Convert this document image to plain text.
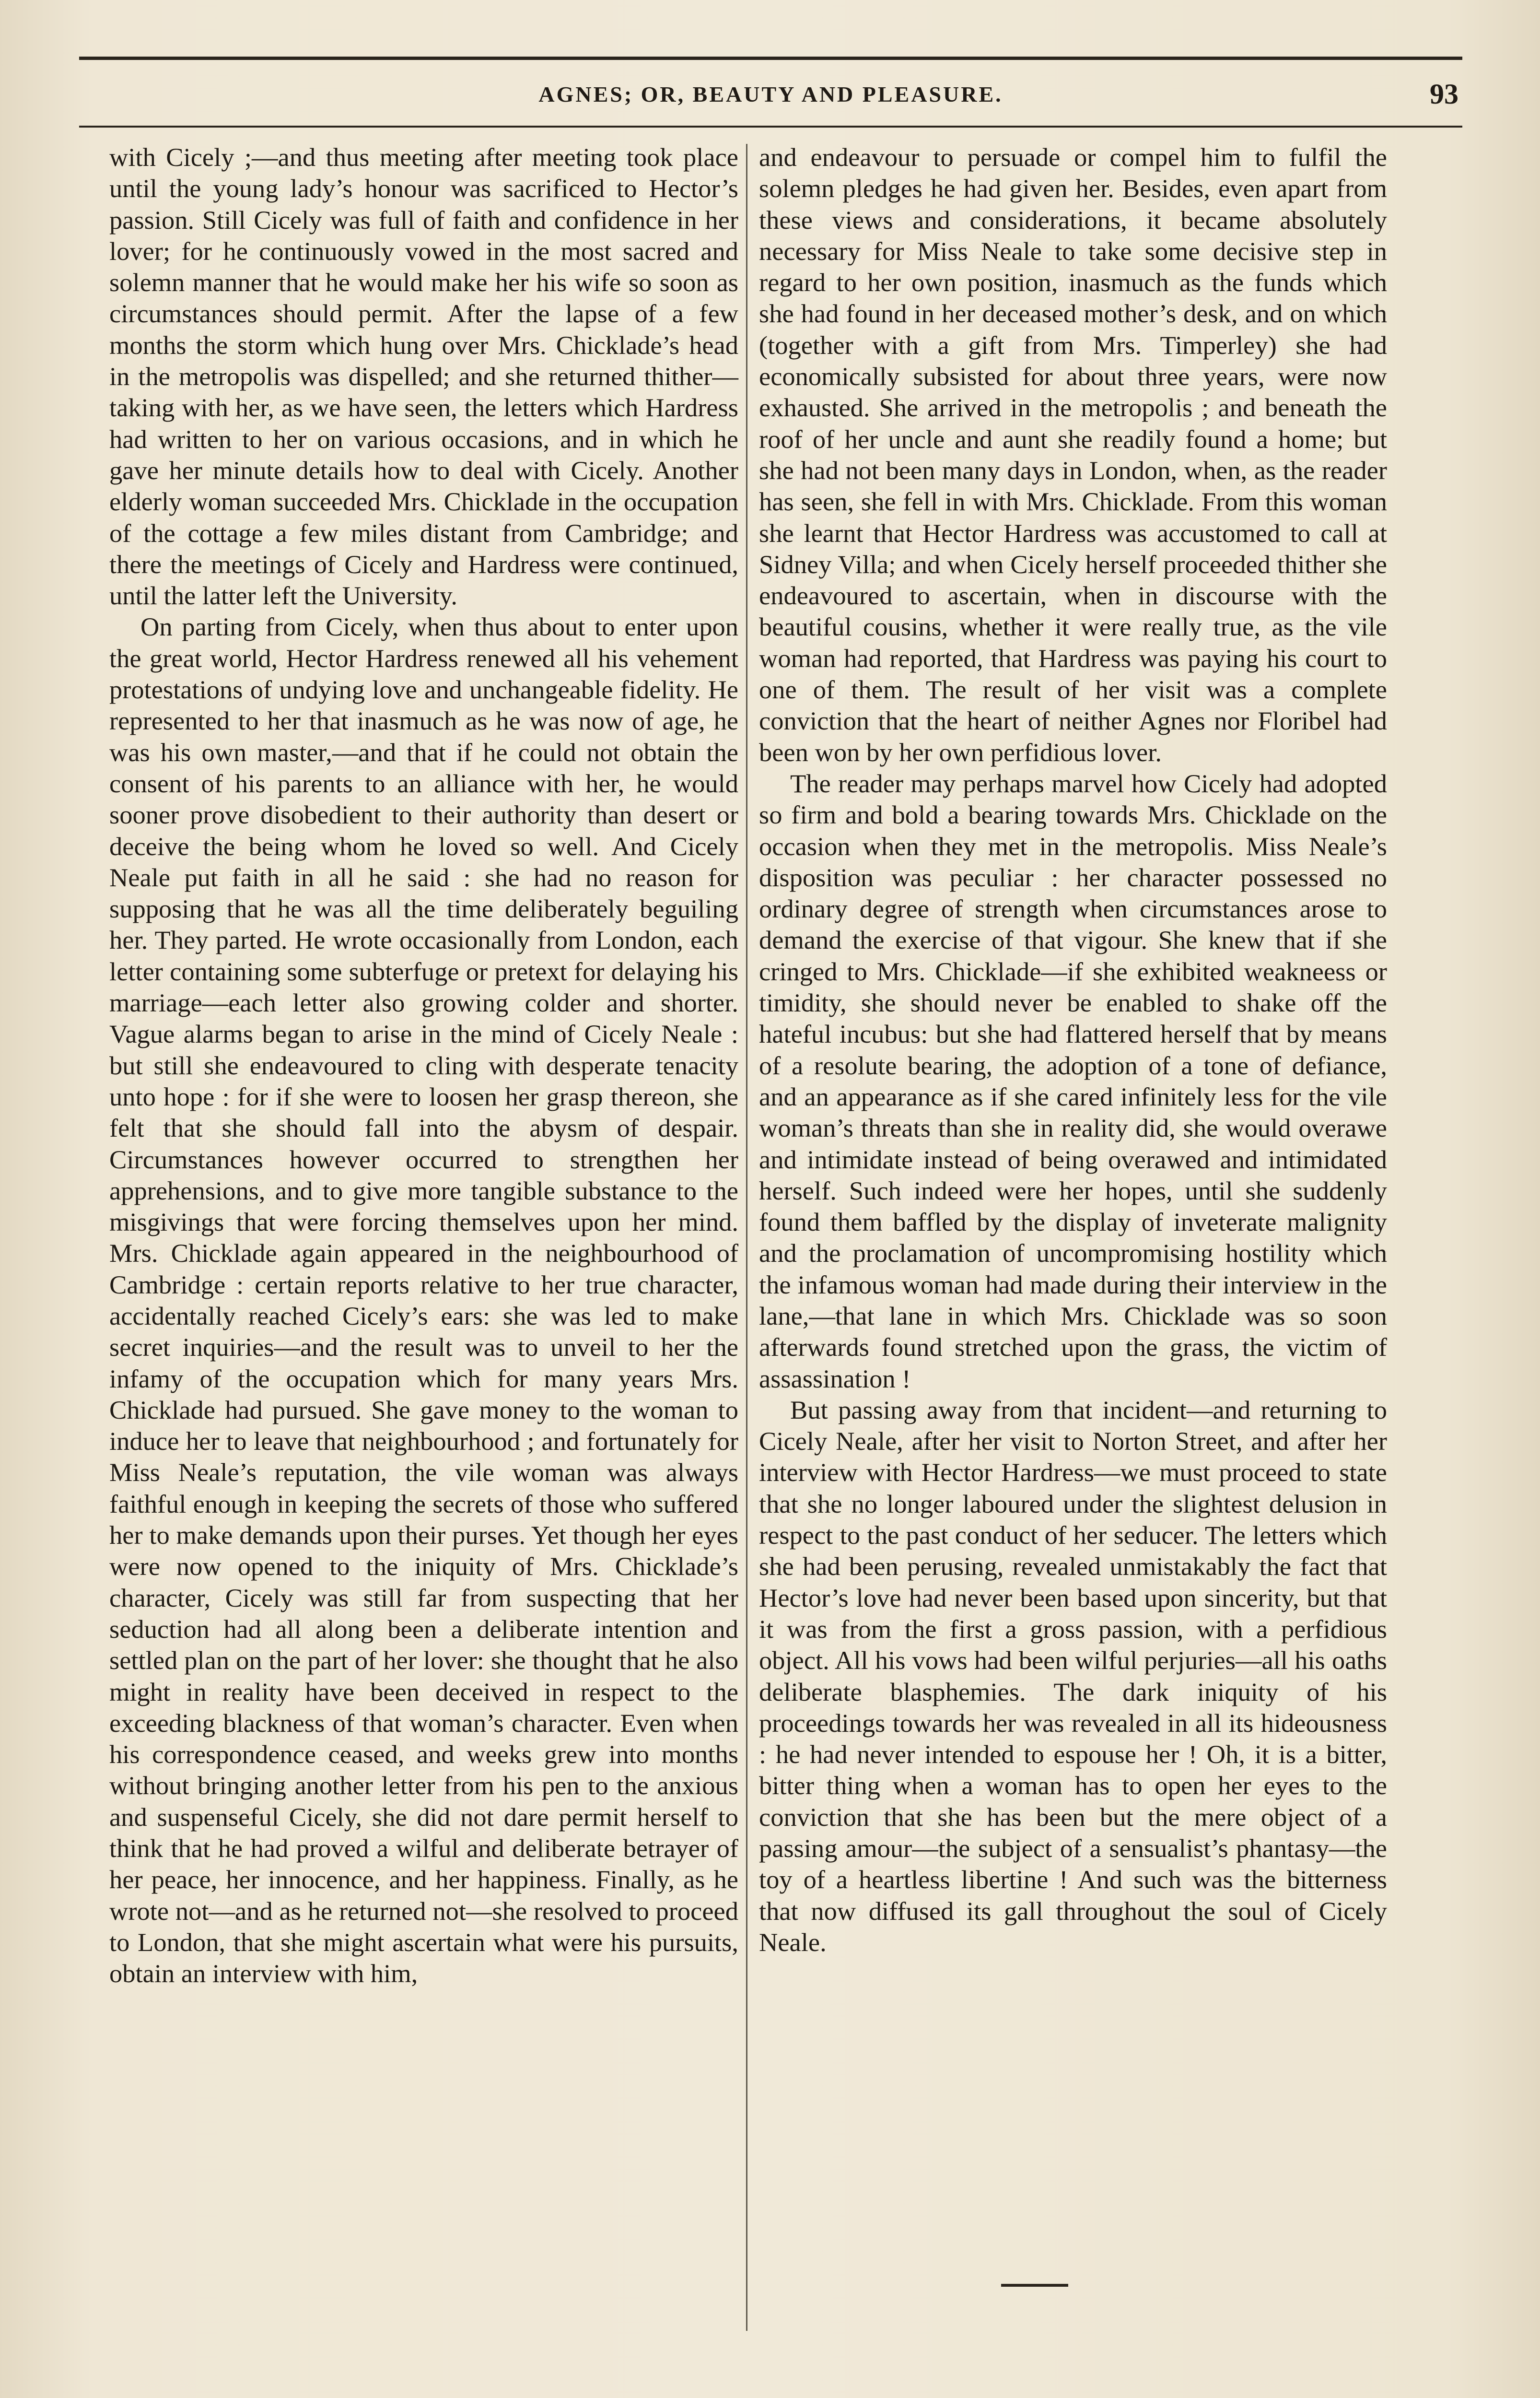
AGNES; OR, BEAUTY AND PLEASURE.	93

with Cicely ;—and thus meeting after meeting took place until the young lady’s honour was sacrificed to Hector’s passion. Still Cicely was full of faith and confidence in her lover; for he continuously vowed in the most sacred and solemn manner that he would make her his wife so soon as circumstances should permit. After the lapse of a few months the storm which hung over Mrs. Chicklade’s head in the metropolis was dispelled; and she returned thither—taking with her, as we have seen, the letters which Hardress had written to her on various occasions, and in which he gave her minute details how to deal with Cicely. Another elderly woman succeeded Mrs. Chicklade in the occupation of the cottage a few miles distant from Cambridge; and there the meetings of Cicely and Hardress were continued, until the latter left the University.

On parting from Cicely, when thus about to enter upon the great world, Hector Hardress renewed all his vehement protestations of undying love and unchangeable fidelity. He represented to her that inasmuch as he was now of age, he was his own master,—and that if he could not obtain the consent of his parents to an alliance with her, he would sooner prove disobedient to their authority than desert or deceive the being whom he loved so well. And Cicely Neale put faith in all he said : she had no reason for supposing that he was all the time deliberately beguiling her. They parted. He wrote occasionally from London, each letter containing some subterfuge or pretext for delaying his marriage—each letter also growing colder and shorter. Vague alarms began to arise in the mind of Cicely Neale : but still she endeavoured to cling with desperate tenacity unto hope : for if she were to loosen her grasp thereon, she felt that she should fall into the abysm of despair. Circumstances however occurred to strengthen her apprehensions, and to give more tangible substance to the misgivings that were forcing themselves upon her mind. Mrs. Chicklade again appeared in the neighbourhood of Cambridge : certain reports relative to her true character, accidentally reached Cicely’s ears: she was led to make secret inquiries—and the result was to unveil to her the infamy of the occupation which for many years Mrs. Chicklade had pursued. She gave money to the woman to induce her to leave that neighbourhood ; and fortunately for Miss Neale’s reputation, the vile woman was always faithful enough in keeping the secrets of those who suffered her to make demands upon their purses. Yet though her eyes were now opened to the iniquity of Mrs. Chicklade’s character, Cicely was still far from suspecting that her seduction had all along been a deliberate intention and settled plan on the part of her lover: she thought that he also might in reality have been deceived in respect to the exceeding blackness of that woman’s character. Even when his correspondence ceased, and weeks grew into months without bringing another letter from his pen to the anxious and suspenseful Cicely, she did not dare permit herself to think that he had proved a wilful and deliberate betrayer of her peace, her innocence, and her happiness. Finally, as he wrote not—and as he returned not—she resolved to proceed to London, that she might ascertain what were his pursuits, obtain an interview with him,

and endeavour to persuade or compel him to fulfil the solemn pledges he had given her. Besides, even apart from these views and considerations, it became absolutely necessary for Miss Neale to take some decisive step in regard to her own position, inasmuch as the funds which she had found in her deceased mother’s desk, and on which (together with a gift from Mrs. Timperley) she had economically subsisted for about three years, were now exhausted. She arrived in the metropolis ; and beneath the roof of her uncle and aunt she readily found a home; but she had not been many days in London, when, as the reader has seen, she fell in with Mrs. Chicklade. From this woman she learnt that Hector Hardress was accustomed to call at Sidney Villa; and when Cicely herself proceeded thither she endeavoured to ascertain, when in discourse with the beautiful cousins, whether it were really true, as the vile woman had reported, that Hardress was paying his court to one of them. The result of her visit was a complete conviction that the heart of neither Agnes nor Floribel had been won by her own perfidious lover.

The reader may perhaps marvel how Cicely had adopted so firm and bold a bearing towards Mrs. Chicklade on the occasion when they met in the metropolis. Miss Neale’s disposition was peculiar : her character possessed no ordinary degree of strength when circumstances arose to demand the exercise of that vigour. She knew that if she cringed to Mrs. Chicklade—if she exhibited weakneess or timidity, she should never be enabled to shake off the hateful incubus: but she had flattered herself that by means of a resolute bearing, the adoption of a tone of defiance, and an appearance as if she cared infinitely less for the vile woman’s threats than she in reality did, she would overawe and intimidate instead of being overawed and intimidated herself. Such indeed were her hopes, until she suddenly found them baffled by the display of inveterate malignity and the proclamation of uncompromising hostility which the infamous woman had made during their interview in the lane,—that lane in which Mrs. Chicklade was so soon afterwards found stretched upon the grass, the victim of assassination !

But passing away from that incident—and returning to Cicely Neale, after her visit to Norton Street, and after her interview with Hector Hardress—we must proceed to state that she no longer laboured under the slightest delusion in respect to the past conduct of her seducer. The letters which she had been perusing, revealed unmistakably the fact that Hector’s love had never been based upon sincerity, but that it was from the first a gross passion, with a perfidious object. All his vows had been wilful perjuries—all his oaths deliberate blasphemies. The dark iniquity of his proceedings towards her was revealed in all its hideousness : he had never intended to espouse her ! Oh, it is a bitter, bitter thing when a woman has to open her eyes to the conviction that she has been but the mere object of a passing amour—the subject of a sensualist’s phantasy—the toy of a heartless libertine ! And such was the bitterness that now diffused its gall throughout the soul of Cicely Neale.
